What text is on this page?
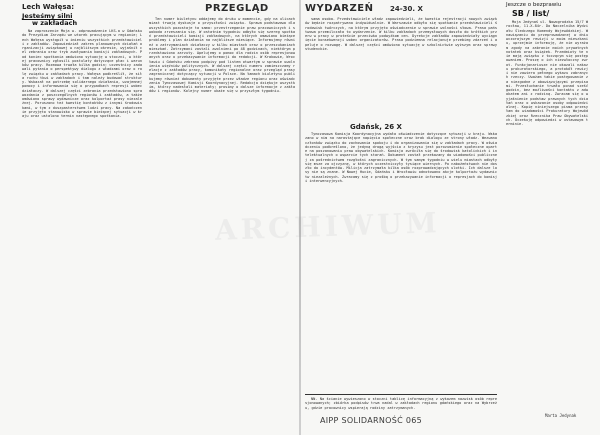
ARCHIWUM
Lech Wałęsa:
Jesteśmy silni
w zakładach

Na zaproszenie Moja w. odprowadzenie LKS.a w Gdańsku do Prezydium Zarządu we wtorek pracującym w regionie; Lech Wałęsa wystąpił w imieniu wszystkich przedstawicieli z zakładów. Zapowiedział zakres planowanych działań organizacji związkowej w najbliższym okresie, wyjaśnił cel zebrania oraz tryb zwoływania komisji zakładowych. Pod koniec spotkania omówiono sytuację w stoczni, w której pracownicy zgłosili postulaty dotyczące płac i warunków pracy. Rozmowa trwała kilka godzin; uczestnicy zadawali pytania o perspektywy dialogu z władzami oraz o rolę związku w zakładach pracy. Wałęsa podkreślił, że siła ruchu tkwi w zakładach i tam należy budować struktury. Wskazał na potrzebę solidarnego działania, wzajemnej pomocy i informowania się o przypadkach represji wobec działaczy. W dalszej części zebrania przedstawiono sprawozdania z poszczególnych regionów i zakładów, a także omówiono sprawy wydawnicze oraz kolportaż prasy niezależnej. Poruszono też kwestię kontaktów z innymi środowiskami, w tym z duszpasterstwem ludzi pracy. Na zakończenie przyjęto stanowisko w sprawie bieżącej sytuacji w kraju oraz ustalono termin następnego spotkania.

PRZEGLĄD

Ten numer biuletynu oddajemy do druku w momencie, gdy na ulicach miast trwają dyskusje o przyszłości związku. Sprawa podstawowa dla wszystkich pozostaje ta sama: przestrzeganie praw pracowniczych i swoboda zrzeszania się. W ostatnim tygodniu odbyło się szereg spotkań przedstawicieli komisji zakładowych, na których omawiano bieżące problemy i plan działania na najbliższe miesiące. Informujemy również o zatrzymaniach działaczy w kilku miastach oraz o przeszukaniach mieszkań. Zatrzymani zostali zwolnieni po 48 godzinach, niektórym przedstawiono zarzuty. Apelujemy o pomoc dla rodzin osób represjonowanych oraz o przekazywanie informacji do redakcji. W Krakowie, Wrocławiu i Gdańsku zebrano podpisy pod listem otwartym w sprawie uwolnienia więźniów politycznych. W dalszej części numeru zamieszczamy relacje z zakładów pracy, komunikaty regionalne oraz przegląd prasy zagranicznej dotyczący sytuacji w Polsce. Na łamach biuletynu publikujemy również dokumenty przyjęte przez władze regionu oraz oświadczenia Tymczasowej Komisji Koordynacyjnej. Redakcja dziękuje wszystkim, którzy nadesłali materiały; prosimy o dalsze informacje z zakładów i regionów. Kolejny numer ukaże się w przyszłym tygodniu.

WYDARZEŃ 24-30. X

sama osoba. Przedstawiciele władz zapowiedzieli, że kwestia rejestracji nowych związków będzie rozpatrywana indywidualnie. W Warszawie odbyło się spotkanie przedstawicieli środowisk twórczych, na którym przyjęto oświadczenie w sprawie wolności słowa. Prasa państwowa przemilczała to wydarzenie. W kilku zakładach przemysłowych doszło do krótkich przerw w pracy w proteście przeciwko podwyżkom cen. Dyrekcje zakładów zapowiedziały wyciągnięcie konsekwencji wobec organizatorów. Prasa podziemna relacjonuje przebieg zdarzeń i apeluje o rozwagę. W dalszej części omówiono sytuację w szkolnictwie wyższym oraz sprawy studenckie.

Gdańsk, 26 X

Tymczasowa Komisja Koordynacyjna wydała oświadczenie dotyczące sytuacji w kraju. Wskazano w nim na narastające napięcia społeczne oraz brak dialogu ze strony władz. Wezwano członków związku do zachowania spokoju i do organizowania się w zakładach pracy. W oświadczeniu podkreślono, że jedyną drogą wyjścia z kryzysu jest porozumienie społeczne oparte na poszanowaniu praw obywatelskich. Komisja zwróciła się do środowisk katolickich i intelektualnych o wsparcie tych starań. Dokument został przekazany do wiadomości publicznej za pośrednictwem rozgłośni zagranicznych. W tym samym tygodniu w wielu miastach odbyły się msze za ojczyznę, w których uczestniczyły tysiące wiernych. Po nabożeństwach nie doszło do incydentów. Milicja zatrzymała kilka osób rozprowadzających ulotki. Ich dalsze losy nie są znane. W Nowej Hucie, Gdańsku i Wrocławiu odnotowano akcje kolportażu wydawnictw niezależnych. Zwracamy się z prośbą o przekazywanie informacji o represjach do komisji interwencyjnych.

NN. Na ścianie wywieszono w stoczni tablicę informacyjną z wykazem nazwisk osób represjonowanych; zbiórka podpisów trwa nadal w zakładach regionu gdańskiego oraz na Wybrzeżu, gdzie pracownicy wspierają rodziny zatrzymanych.

Jeszcze o bezprawiu
SB / list/

Moja Jedynaś ul. Nowogrodzka 15/7 Wrocław, 11.X.84r. Do Naczelnika Wydziału Śledczego Komendy Wojewódzkiej. W nawiązaniu do przeprowadzonej w dniu wczorajszym rewizji w moim mieszkaniu, uprzejmie informuję, że nie wyrażam zgody na zabranie moich prywatnych notatek oraz książek. Przedmioty te nie mają związku z toczącym się postępowaniem. Proszę o ich niezwłoczny zwrot. Funkcjonariusze nie okazali nakazu prokuratorskiego, a protokół rewizji nie zawiera pełnego wykazu zabranych rzeczy. Uważam takie postępowanie za niezgodne z obowiązującymi przepisami. Przesłuchanie trwało ponad sześć godzin, bez możliwości kontaktu z adwokatem ani z rodziną. Zwracam się o wyjaśnienie podstaw prawnych tych działań oraz o wskazanie osoby odpowiedzialnej. Kopię niniejszego pisma przesyłam do wiadomości Prokuratury Wojewódzkiej oraz Rzecznika Praw Obywatelskich. Oczekuję odpowiedzi w ustawowym terminie.

Marta Jedynak
AIPP SOLIDARNOŚĆ 065
